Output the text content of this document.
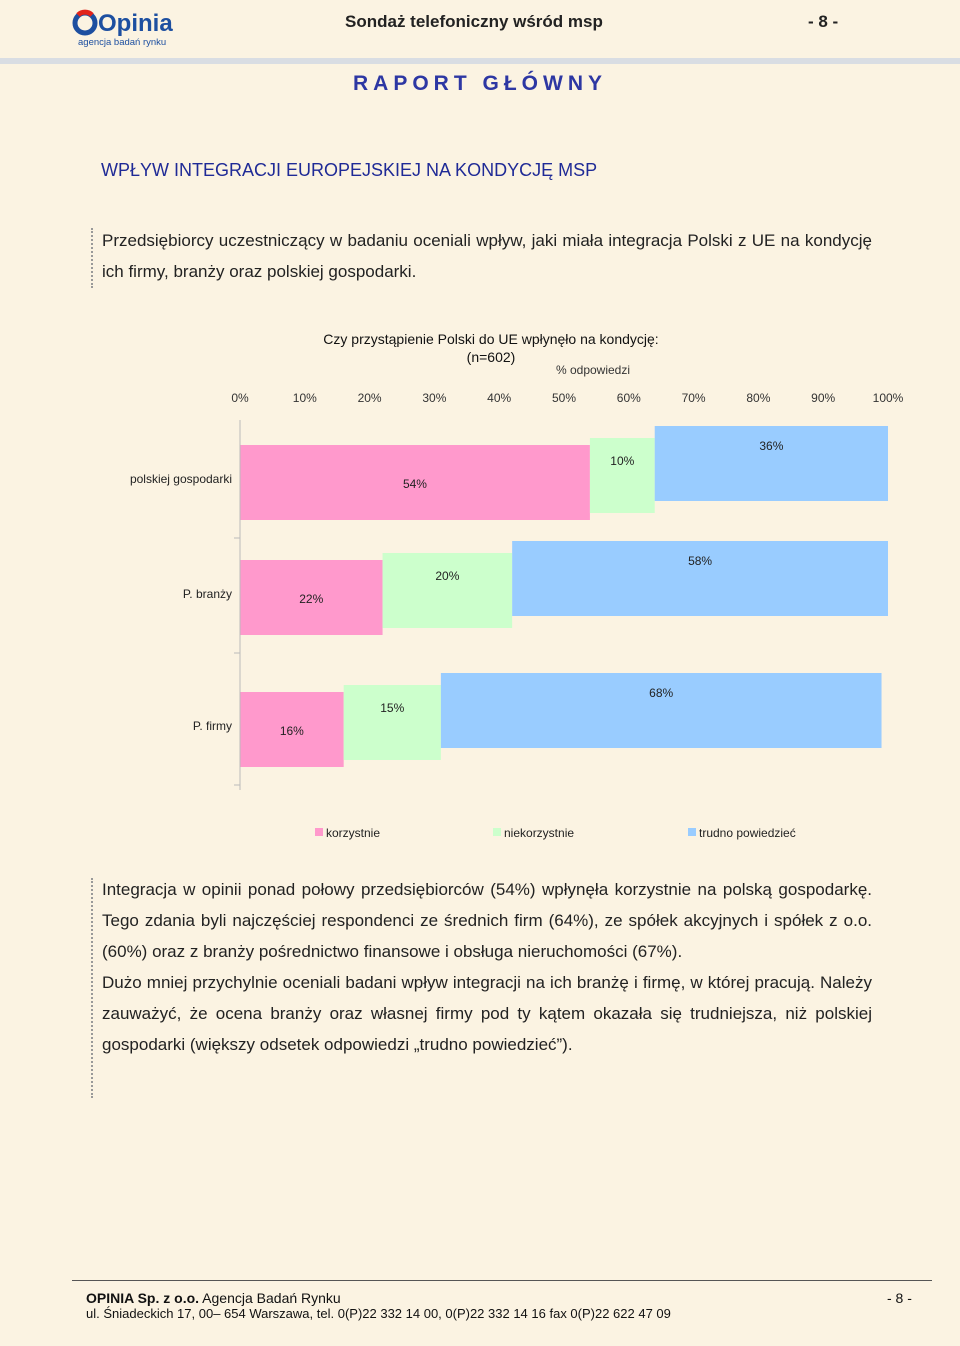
Opinia
agencja badań rynku
Sondaż telefoniczny wśród msp	- 8 -
RAPORT GŁÓWNY
WPŁYW INTEGRACJI EUROPEJSKIEJ NA KONDYCJĘ MSP
Przedsiębiorcy uczestniczący w badaniu oceniali wpływ, jaki miała integracja Polski z UE na kondycję ich firmy, branży oraz polskiej gospodarki.
Czy przystąpienie Polski do UE wpłynęło na kondycję:
(n=602)
% odpowiedzi
0%	10%	20%	30%	40%	50%	60%	70%	80%	90%	100%
54%
10%
36%
22%
20%
58%
16%
15%
68%
polskiej gospodarki
P. branży
P. firmy
korzystnie	niekorzystnie	trudno powiedzieć
Integracja w opinii ponad połowy przedsiębiorców (54%) wpłynęła korzystnie na polską gospodarkę. Tego zdania byli najczęściej respondenci ze średnich firm (64%), ze spółek akcyjnych i spółek z o.o. (60%) oraz z branży pośrednictwo finansowe i obsługa nieruchomości (67%).
Dużo mniej przychylnie oceniali badani wpływ integracji na ich branżę i firmę, w której pracują. Należy zauważyć, że ocena branży oraz własnej firmy pod ty kątem okazała się trudniejsza, niż polskiej gospodarki (większy odsetek odpowiedzi „trudno powiedzieć”).
OPINIA Sp. z o.o. Agencja Badań Rynku	- 8 -
ul. Śniadeckich 17, 00– 654 Warszawa, tel. 0(P)22 332 14 00, 0(P)22 332 14 16 fax 0(P)22 622 47 09
